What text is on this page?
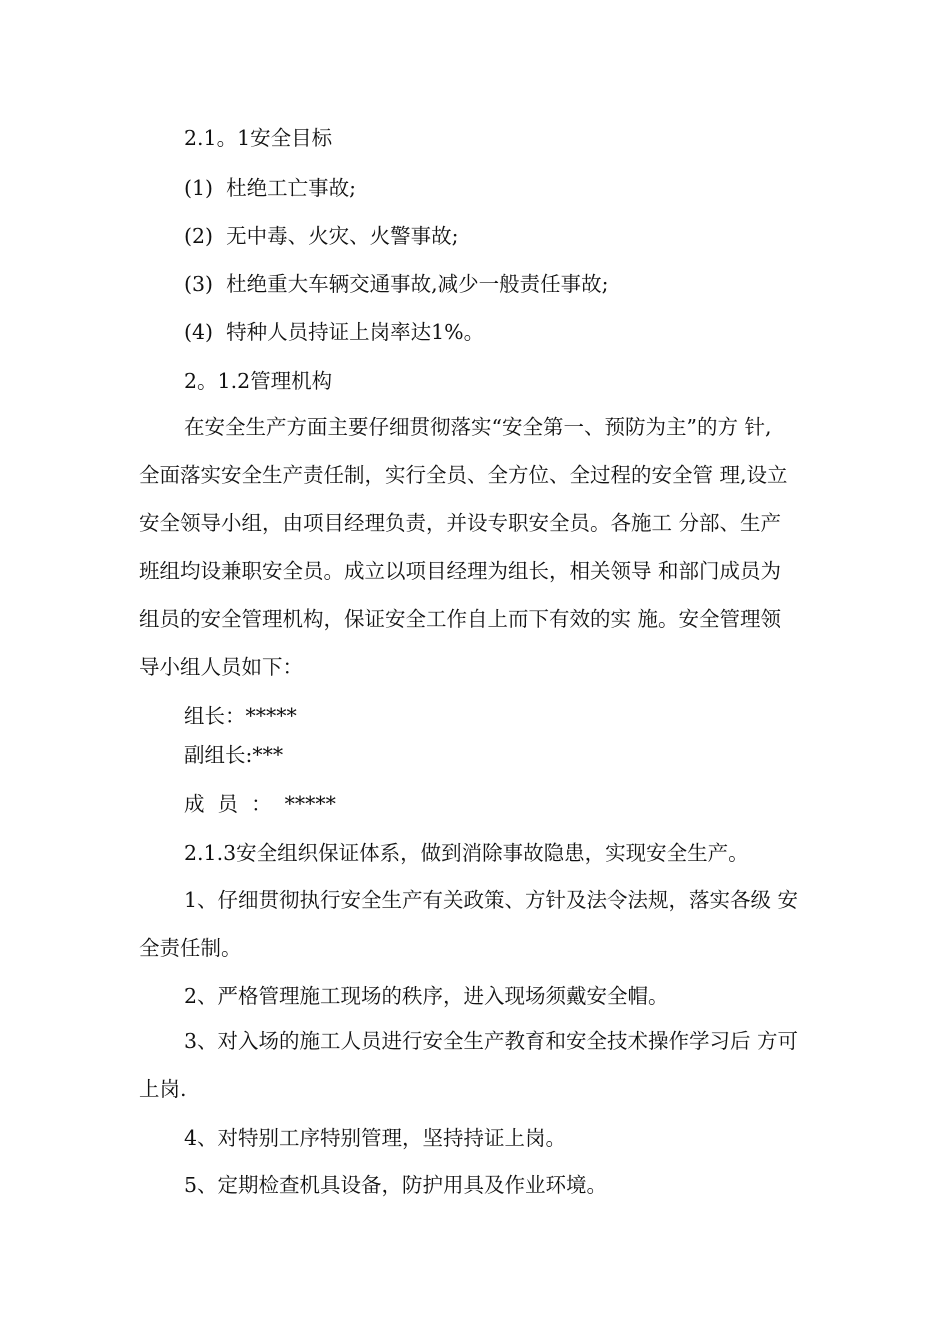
2.1。1安全目标
(1)  杜绝工亡事故;
(2)  无中毒、火灾、火警事故;
(3)  杜绝重大车辆交通事故,减少一般责任事故;
(4)  特种人员持证上岗率达1%。
2。1.2管理机构
在安全生产方面主要仔细贯彻落实“安全第一、预防为主”的方 针,
全面落实安全生产责任制，实行全员、全方位、全过程的安全管 理,设立
安全领导小组，由项目经理负责，并设专职安全员。各施工 分部、生产
班组均设兼职安全员。成立以项目经理为组长，相关领导 和部门成员为
组员的安全管理机构，保证安全工作自上而下有效的实 施。安全管理领
导小组人员如下：
组长：*****
副组长:***
成  员  ：  *****
2.1.3安全组织保证体系，做到消除事故隐患，实现安全生产。
1、仔细贯彻执行安全生产有关政策、方针及法令法规，落实各级 安
全责任制。
2、严格管理施工现场的秩序，进入现场须戴安全帽。
3、对入场的施工人员进行安全生产教育和安全技术操作学习后 方可
上岗.
4、对特别工序特别管理，坚持持证上岗。
5、定期检查机具设备，防护用具及作业环境。
